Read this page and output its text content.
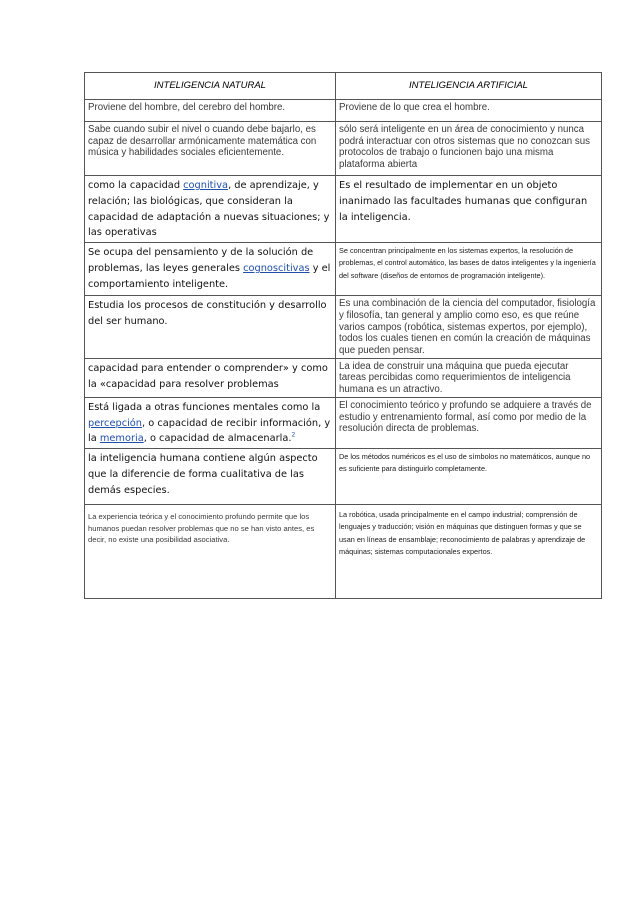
INTELIGENCIA NATURAL	INTELIGENCIA ARTIFICIAL
Proviene del hombre, del cerebro del hombre.	Proviene de lo que crea el hombre.
Sabe cuando subir el nivel o cuando debe bajarlo, es capaz de desarrollar armónicamente matemática con música y habilidades sociales eficientemente.	sólo será inteligente en un área de conocimiento y nunca podrá interactuar con otros sistemas que no conozcan sus protocolos de trabajo o funcionen bajo una misma plataforma abierta
como la capacidad cognitiva, de aprendizaje, y relación; las biológicas, que consideran la capacidad de adaptación a nuevas situaciones; y las operativas	Es el resultado de implementar en un objeto inanimado las facultades humanas que configuran la inteligencia.
Se ocupa del pensamiento y de la solución de problemas, las leyes generales cognoscitivas y el comportamiento inteligente.	Se concentran principalmente en los sistemas expertos, la resolución de problemas, el control automático, las bases de datos inteligentes y la ingeniería del software (diseños de entornos de programación inteligente).
Estudia los procesos de constitución y desarrollo del ser humano.	Es una combinación de la ciencia del computador, fisiología y filosofía, tan general y amplio como eso, es que reúne varios campos (robótica, sistemas expertos, por ejemplo), todos los cuales tienen en común la creación de máquinas que pueden pensar.
capacidad para entender o comprender» y como la «capacidad para resolver problemas	La idea de construir una máquina que pueda ejecutar tareas percibidas como requerimientos de inteligencia humana es un atractivo.
Está ligada a otras funciones mentales como la percepción, o capacidad de recibir información, y la memoria, o capacidad de almacenarla.$^2$	El conocimiento teórico y profundo se adquiere a través de estudio y entrenamiento formal, así como por medio de la resolución directa de problemas.
la inteligencia humana contiene algún aspecto que la diferencie de forma cualitativa de las demás especies.	De los métodos numéricos es el uso de símbolos no matemáticos, aunque no es suficiente para distinguirlo completamente.
La experiencia teórica y el conocimiento profundo permite que los humanos puedan resolver problemas que no se han visto antes, es decir, no existe una posibilidad asociativa.	La robótica, usada principalmente en el campo industrial; comprensión de lenguajes y traducción; visión en máquinas que distinguen formas y que se usan en líneas de ensamblaje; reconocimiento de palabras y aprendizaje de máquinas; sistemas computacionales expertos.
